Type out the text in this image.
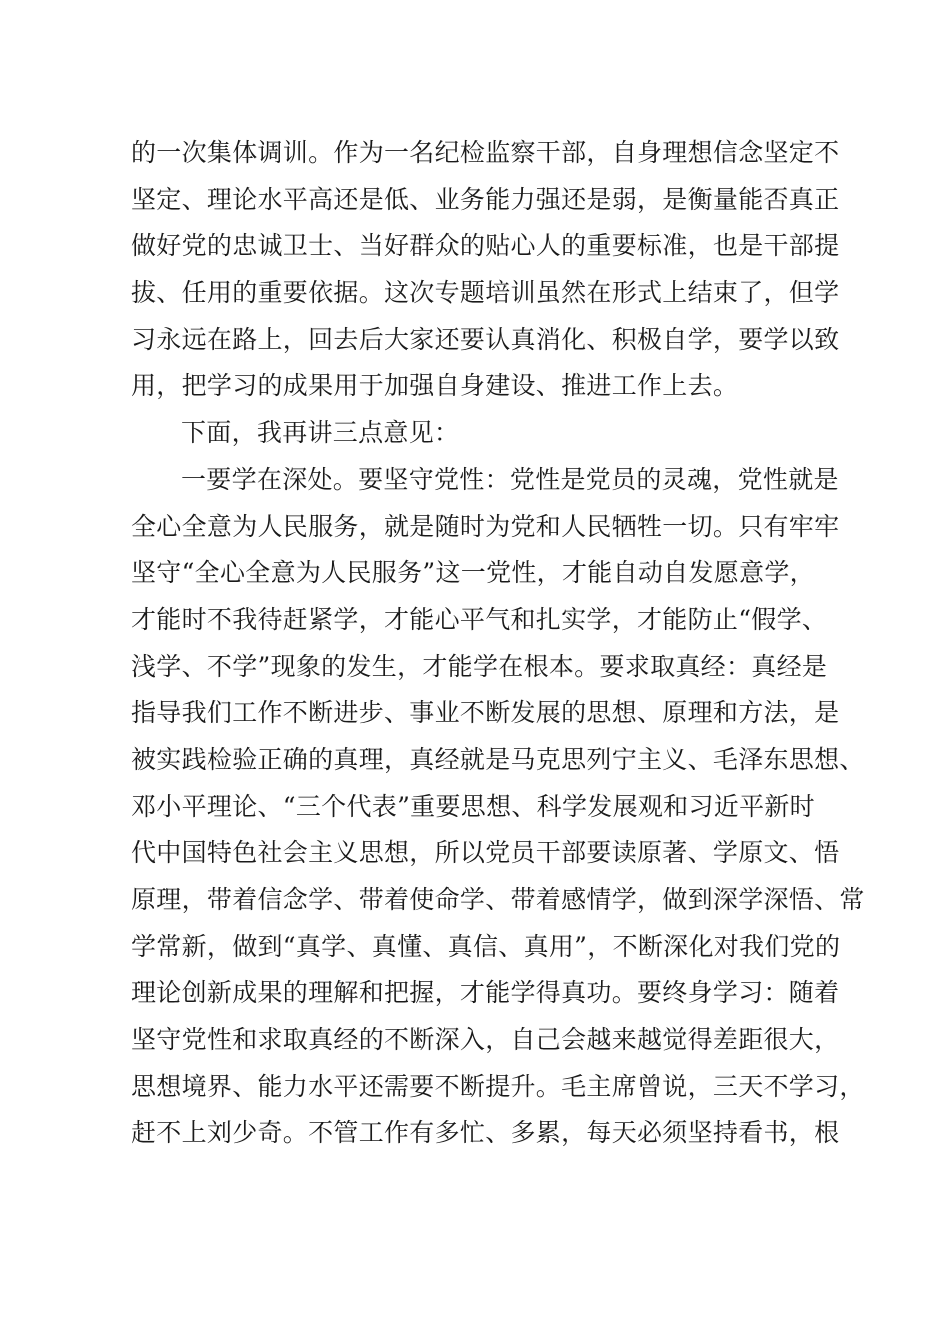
的一次集体调训。作为一名纪检监察干部，自身理想信念坚定不
坚定、理论水平高还是低、业务能力强还是弱，是衡量能否真正
做好党的忠诚卫士、当好群众的贴心人的重要标准，也是干部提
拔、任用的重要依据。这次专题培训虽然在形式上结束了，但学
习永远在路上，回去后大家还要认真消化、积极自学，要学以致
用，把学习的成果用于加强自身建设、推进工作上去。
下面，我再讲三点意见：
一要学在深处。要坚守党性：党性是党员的灵魂，党性就是
全心全意为人民服务，就是随时为党和人民牺牲一切。只有牢牢
坚守“全心全意为人民服务”这一党性，才能自动自发愿意学，
才能时不我待赶紧学，才能心平气和扎实学，才能防止“假学、
浅学、不学”现象的发生，才能学在根本。要求取真经：真经是
指导我们工作不断进步、事业不断发展的思想、原理和方法，是
被实践检验正确的真理，真经就是马克思列宁主义、毛泽东思想、
邓小平理论、“三个代表”重要思想、科学发展观和习近平新时
代中国特色社会主义思想，所以党员干部要读原著、学原文、悟
原理，带着信念学、带着使命学、带着感情学，做到深学深悟、常
学常新，做到“真学、真懂、真信、真用”，不断深化对我们党的
理论创新成果的理解和把握，才能学得真功。要终身学习：随着
坚守党性和求取真经的不断深入，自己会越来越觉得差距很大，
思想境界、能力水平还需要不断提升。毛主席曾说，三天不学习，
赶不上刘少奇。不管工作有多忙、多累，每天必须坚持看书，根
